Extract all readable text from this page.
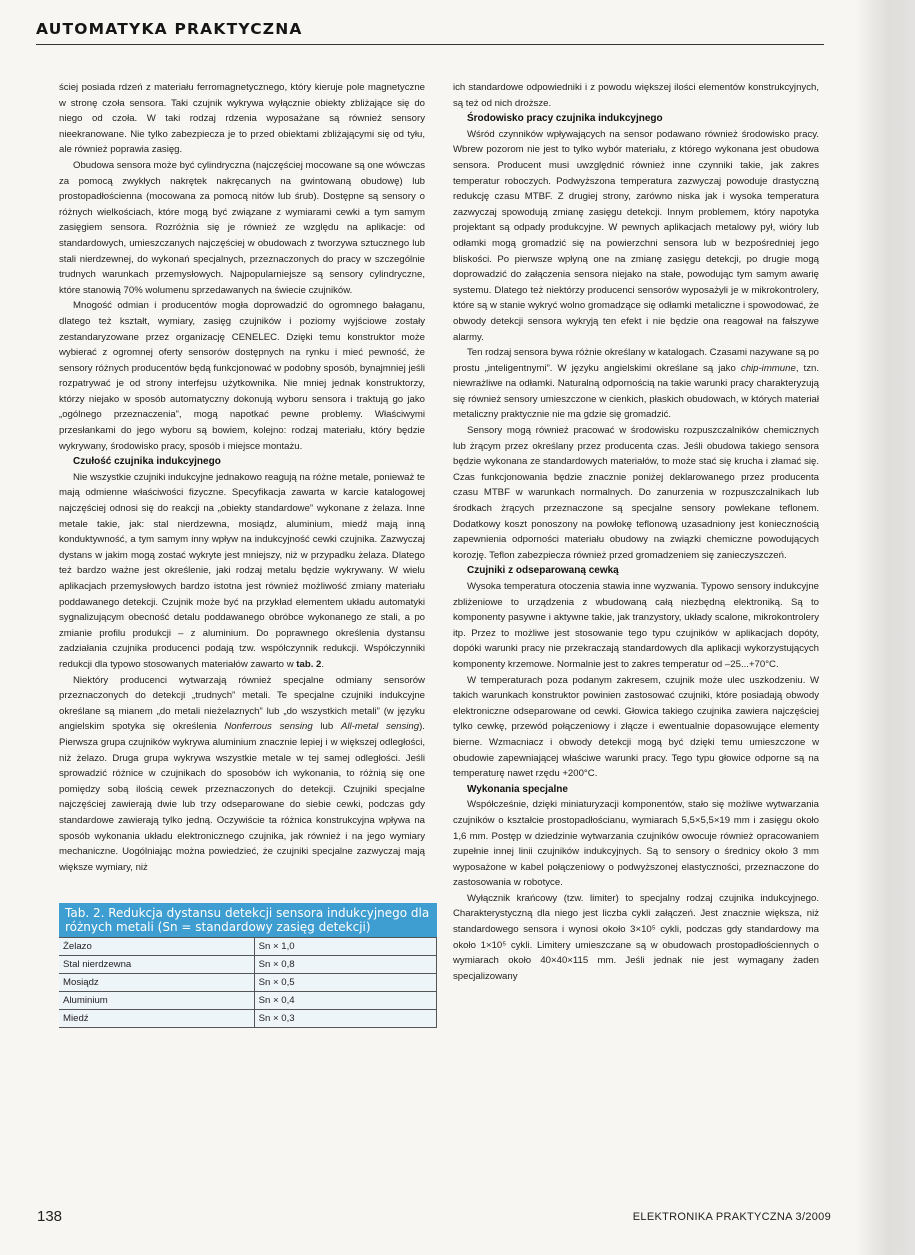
AUTOMATYKA PRAKTYCZNA

ściej posiada rdzeń z materiału ferromagnetycznego, który kieruje pole magnetyczne w stronę czoła sensora. Taki czujnik wykrywa wyłącznie obiekty zbliżające się do niego od czoła. W taki rodzaj rdzenia wyposażane są również sensory nieekranowane. Nie tylko zabezpiecza je to przed obiektami zbliżającymi się od tyłu, ale również poprawia zasięg.

Obudowa sensora może być cylindryczna (najczęściej mocowane są one wówczas za pomocą zwykłych nakrętek nakręcanych na gwintowaną obudowę) lub prostopadłościenna (mocowana za pomocą nitów lub śrub). Dostępne są sensory o różnych wielkościach, które mogą być związane z wymiarami cewki a tym samym zasięgiem sensora. Rozróżnia się je również ze względu na aplikacje: od standardowych, umieszczanych najczęściej w obudowach z tworzywa sztucznego lub stali nierdzewnej, do wykonań specjalnych, przeznaczonych do pracy w szczególnie trudnych warunkach przemysłowych. Najpopularniejsze są sensory cylindryczne, które stanowią 70% wolumenu sprzedawanych na świecie czujników.

Mnogość odmian i producentów mogła doprowadzić do ogromnego bałaganu, dlatego też kształt, wymiary, zasięg czujników i poziomy wyjściowe zostały zestandaryzowane przez organizację CENELEC. Dzięki temu konstruktor może wybierać z ogromnej oferty sensorów dostępnych na rynku i mieć pewność, że sensory różnych producentów będą funkcjonować w podobny sposób, bynajmniej jeśli rozpatrywać je od strony interfejsu użytkownika. Nie mniej jednak konstruktorzy, którzy niejako w sposób automatyczny dokonują wyboru sensora i traktują go jako „ogólnego przeznaczenia”, mogą napotkać pewne problemy. Właściwymi przesłankami do jego wyboru są bowiem, kolejno: rodzaj materiału, który będzie wykrywany, środowisko pracy, sposób i miejsce montażu.

Czułość czujnika indukcyjnego

Nie wszystkie czujniki indukcyjne jednakowo reagują na różne metale, ponieważ te mają odmienne właściwości fizyczne. Specyfikacja zawarta w karcie katalogowej najczęściej odnosi się do reakcji na „obiekty standardowe” wykonane z żelaza. Inne metale takie, jak: stal nierdzewna, mosiądz, aluminium, miedź mają inną konduktywność, a tym samym inny wpływ na indukcyjność cewki czujnika. Zazwyczaj dystans w jakim mogą zostać wykryte jest mniejszy, niż w przypadku żelaza. Dlatego też bardzo ważne jest określenie, jaki rodzaj metalu będzie wykrywany. W wielu aplikacjach przemysłowych bardzo istotna jest również możliwość zmiany materiału poddawanego detekcji. Czujnik może być na przykład elementem układu automatyki sygnalizującym obecność detalu poddawanego obróbce wykonanego ze stali, a po zmianie profilu produkcji – z aluminium. Do poprawnego określenia dystansu zadziałania czujnika producenci podają tzw. współczynnik redukcji. Współczynniki redukcji dla typowo stosowanych materiałów zawarto w tab. 2.

Niektóry producenci wytwarzają również specjalne odmiany sensorów przeznaczonych do detekcji „trudnych” metali. Te specjalne czujniki indukcyjne określane są mianem „do metali nieżelaznych” lub „do wszystkich metali” (w języku angielskim spotyka się określenia Nonferrous sensing lub All-metal sensing). Pierwsza grupa czujników wykrywa aluminium znacznie lepiej i w większej odległości, niż żelazo. Druga grupa wykrywa wszystkie metale w tej samej odległości. Jeśli sprowadzić różnice w czujnikach do sposobów ich wykonania, to różnią się one pomiędzy sobą ilością cewek przeznaczonych do detekcji. Czujniki specjalne najczęściej zawierają dwie lub trzy odseparowane do siebie cewki, podczas gdy standardowe zawierają tylko jedną. Oczywiście ta różnica konstrukcyjna wpływa na sposób wykonania układu elektronicznego czujnika, jak również i na jego wymiary mechaniczne. Uogólniając można powiedzieć, że czujniki specjalne zazwyczaj mają większe wymiary, niż

Tab. 2. Redukcja dystansu detekcji sensora indukcyjnego dla różnych metali (Sn = standardowy zasięg detekcji)
Żelazo	Sn × 1,0
Stal nierdzewna	Sn × 0,8
Mosiądz	Sn × 0,5
Aluminium	Sn × 0,4
Miedź	Sn × 0,3

ich standardowe odpowiedniki i z powodu większej ilości elementów konstrukcyjnych, są też od nich droższe.

Środowisko pracy czujnika indukcyjnego

Wśród czynników wpływających na sensor podawano również środowisko pracy. Wbrew pozorom nie jest to tylko wybór materiału, z którego wykonana jest obudowa sensora. Producent musi uwzględnić również inne czynniki takie, jak zakres temperatur roboczych. Podwyższona temperatura zazwyczaj powoduje drastyczną redukcję czasu MTBF. Z drugiej strony, zarówno niska jak i wysoka temperatura zazwyczaj spowodują zmianę zasięgu detekcji. Innym problemem, który napotyka projektant są odpady produkcyjne. W pewnych aplikacjach metalowy pył, wióry lub odłamki mogą gromadzić się na powierzchni sensora lub w bezpośredniej jego bliskości. Po pierwsze wpłyną one na zmianę zasięgu detekcji, po drugie mogą doprowadzić do załączenia sensora niejako na stałe, powodując tym samym awarię systemu. Dlatego też niektórzy producenci sensorów wyposażyli je w mikrokontrolery, które są w stanie wykryć wolno gromadzące się odłamki metaliczne i spowodować, że obwody detekcji sensora wykryją ten efekt i nie będzie ona reagował na fałszywe alarmy.

Ten rodzaj sensora bywa różnie określany w katalogach. Czasami nazywane są po prostu „inteligentnymi”. W języku angielskimi określane są jako chip-immune, tzn. niewrażliwe na odłamki. Naturalną odpornością na takie warunki pracy charakteryzują się również sensory umieszczone w cienkich, płaskich obudowach, w których materiał metaliczny praktycznie nie ma gdzie się gromadzić.

Sensory mogą również pracować w środowisku rozpuszczalników chemicznych lub żrącym przez określany przez producenta czas. Jeśli obudowa takiego sensora będzie wykonana ze standardowych materiałów, to może stać się krucha i złamać się. Czas funkcjonowania będzie znacznie poniżej deklarowanego przez producenta czasu MTBF w warunkach normalnych. Do zanurzenia w rozpuszczalnikach lub środkach żrących przeznaczone są specjalne sensory powlekane teflonem. Dodatkowy koszt ponoszony na powłokę teflonową uzasadniony jest koniecznością zapewnienia odporności materiału obudowy na związki chemiczne powodujących korozję. Teflon zabezpiecza również przed gromadzeniem się zanieczyszczeń.

Czujniki z odseparowaną cewką

Wysoka temperatura otoczenia stawia inne wyzwania. Typowo sensory indukcyjne zbliżeniowe to urządzenia z wbudowaną całą niezbędną elektroniką. Są to komponenty pasywne i aktywne takie, jak tranzystory, układy scalone, mikrokontrolery itp. Przez to możliwe jest stosowanie tego typu czujników w aplikacjach dopóty, dopóki warunki pracy nie przekraczają standardowych dla aplikacji wykorzystujących komponenty krzemowe. Normalnie jest to zakres temperatur od –25...+70°C.

W temperaturach poza podanym zakresem, czujnik może ulec uszkodzeniu. W takich warunkach konstruktor powinien zastosować czujniki, które posiadają obwody elektroniczne odseparowane od cewki. Głowica takiego czujnika zawiera najczęściej tylko cewkę, przewód połączeniowy i złącze i ewentualnie dopasowujące elementy bierne. Wzmacniacz i obwody detekcji mogą być dzięki temu umieszczone w obudowie zapewniającej właściwe warunki pracy. Tego typu głowice odporne są na temperaturę nawet rzędu +200°C.

Wykonania specjalne

Współcześnie, dzięki miniaturyzacji komponentów, stało się możliwe wytwarzania czujników o kształcie prostopadłościanu, wymiarach 5,5×5,5×19 mm i zasięgu około 1,6 mm. Postęp w dziedzinie wytwarzania czujników owocuje również opracowaniem zupełnie innej linii czujników indukcyjnych. Są to sensory o średnicy około 3 mm wyposażone w kabel połączeniowy o podwyższonej elastyczności, przeznaczone do zastosowania w robotyce.

Wyłącznik krańcowy (tzw. limiter) to specjalny rodzaj czujnika indukcyjnego. Charakterystyczną dla niego jest liczba cykli załączeń. Jest znacznie większa, niż standardowego sensora i wynosi około 3×10⁵ cykli, podczas gdy standardowy ma około 1×10⁵ cykli. Limitery umieszczane są w obudowach prostopadłościennych o wymiarach około 40×40×115 mm. Jeśli jednak nie jest wymagany żaden specjalizowany

138	ELEKTRONIKA PRAKTYCZNA 3/2009
